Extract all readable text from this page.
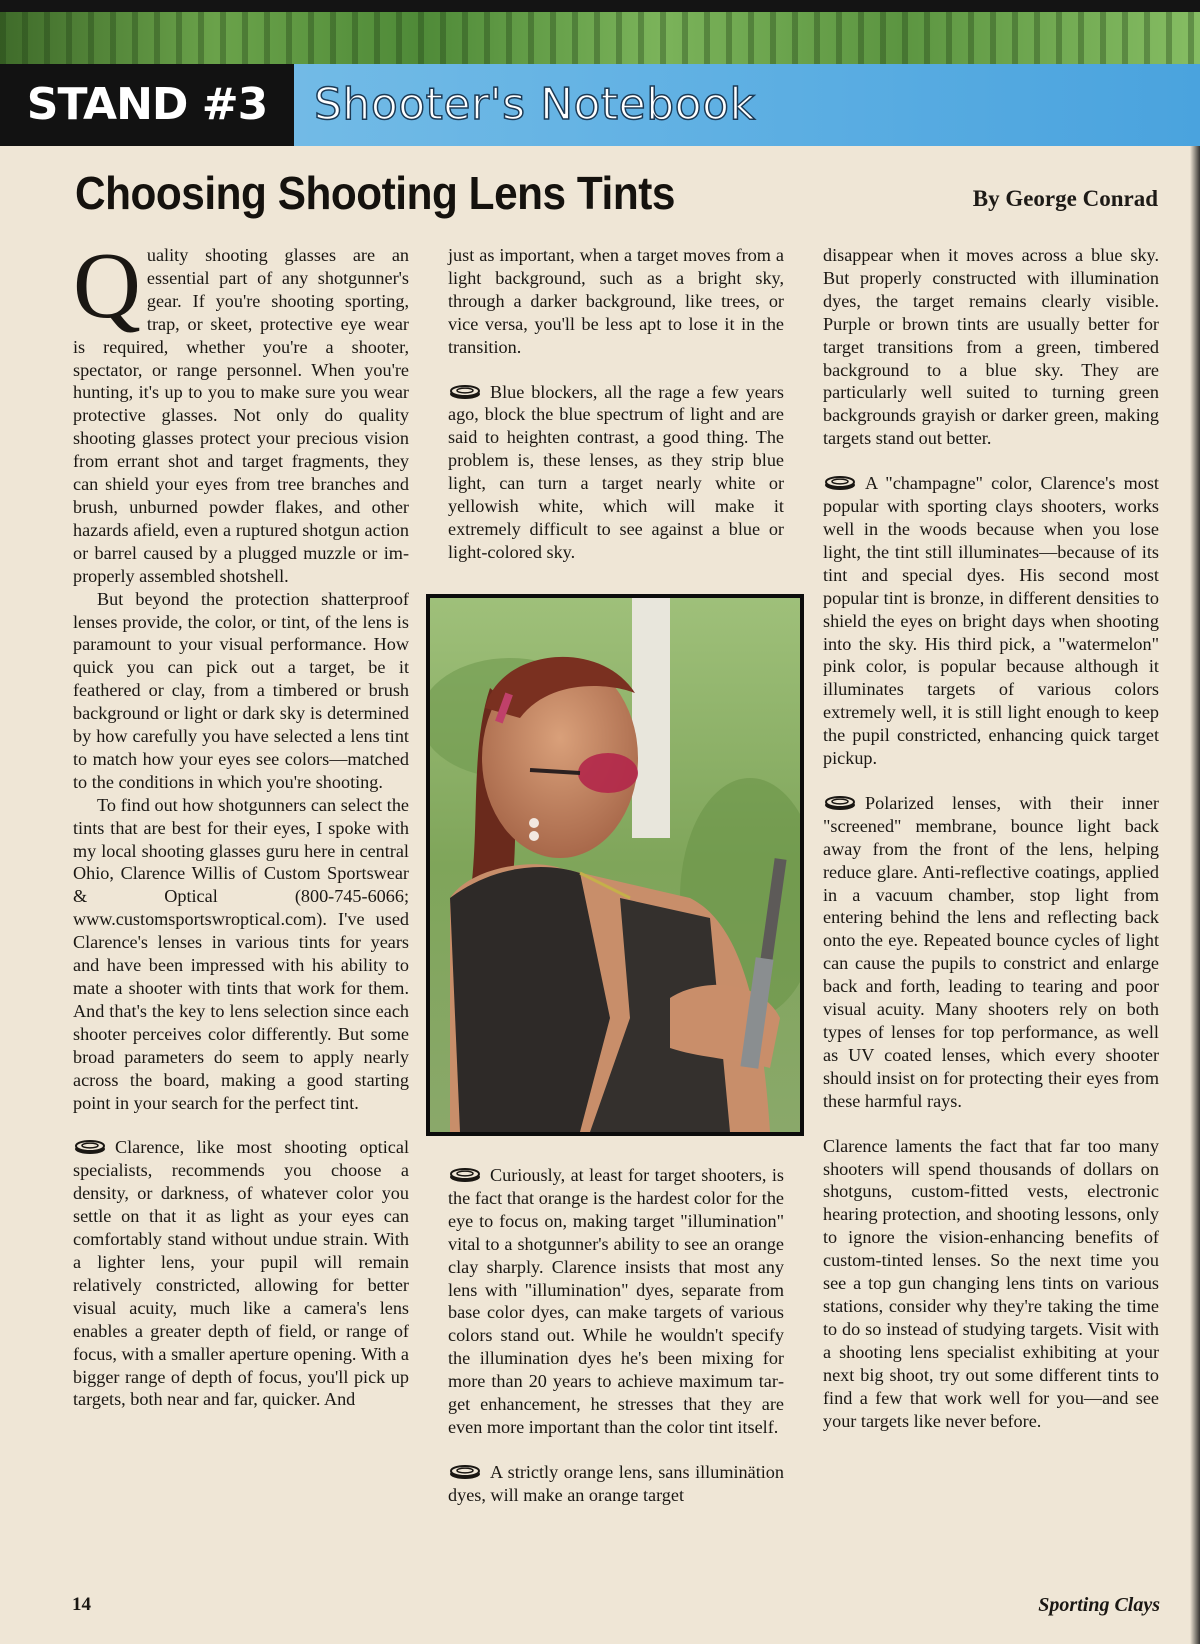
STAND #3	Shooter's Notebook
Choosing Shooting Lens Tints	By George Conrad

Quality shooting glasses are an essential part of any shotgunner's gear. If you're shooting sporting, trap, or skeet, protective eye wear is required, whether you're a shooter, spectator, or range personnel. When you're hunting, it's up to you to make sure you wear protective glasses. Not only do quality shooting glasses protect your precious vision from errant shot and target fragments, they can shield your eyes from tree branches and brush, unburned powder flakes, and other hazards afield, even a ruptured shotgun action or barrel caused by a plugged muzzle or improperly assembled shotshell.

But beyond the protection shatterproof lenses provide, the color, or tint, of the lens is paramount to your visual performance. How quick you can pick out a target, be it feathered or clay, from a timbered or brush background or light or dark sky is determined by how carefully you have selected a lens tint to match how your eyes see colors—matched to the conditions in which you're shooting.

To find out how shotgunners can select the tints that are best for their eyes, I spoke with my local shooting glasses guru here in central Ohio, Clarence Willis of Custom Sportswear & Optical (800-745-6066; www.customsportswroptical.com). I've used Clarence's lenses in various tints for years and have been impressed with his ability to mate a shooter with tints that work for them. And that's the key to lens selection since each shooter perceives color differently. But some broad parameters do seem to apply nearly across the board, making a good starting point in your search for the perfect tint.

Clarence, like most shooting optical specialists, recommends you choose a density, or darkness, of whatever color you settle on that it as light as your eyes can comfortably stand without undue strain. With a lighter lens, your pupil will remain relatively constricted, allowing for better visual acuity, much like a camera's lens enables a greater depth of field, or range of focus, with a smaller aperture opening. With a bigger range of depth of focus, you'll pick up targets, both near and far, quicker. And

just as important, when a target moves from a light background, such as a bright sky, through a darker background, like trees, or vice versa, you'll be less apt to lose it in the transition.

Blue blockers, all the rage a few years ago, block the blue spectrum of light and are said to heighten contrast, a good thing. The problem is, these lenses, as they strip blue light, can turn a target nearly white or yellowish white, which will make it extremely difficult to see against a blue or light-colored sky.

Curiously, at least for target shooters, is the fact that orange is the hardest color for the eye to focus on, making target "illumination" vital to a shotgunner's ability to see an orange clay sharply. Clarence insists that most any lens with "illumination" dyes, separate from base color dyes, can make targets of various colors stand out. While he wouldn't specify the illumination dyes he's been mixing for more than 20 years to achieve maximum target enhancement, he stresses that they are even more important than the color tint itself.

A strictly orange lens, sans illuminätion dyes, will make an orange target

disappear when it moves across a blue sky. But properly constructed with illumination dyes, the target remains clearly visible. Purple or brown tints are usually better for target transitions from a green, timbered background to a blue sky. They are particularly well suited to turning green backgrounds grayish or darker green, making targets stand out better.

A "champagne" color, Clarence's most popular with sporting clays shooters, works well in the woods because when you lose light, the tint still illuminates—because of its tint and special dyes. His second most popular tint is bronze, in different densities to shield the eyes on bright days when shooting into the sky. His third pick, a "watermelon" pink color, is popular because although it illuminates targets of various colors extremely well, it is still light enough to keep the pupil constricted, enhancing quick target pickup.

Polarized lenses, with their inner "screened" membrane, bounce light back away from the front of the lens, helping reduce glare. Anti-reflective coatings, applied in a vacuum chamber, stop light from entering behind the lens and reflecting back onto the eye. Repeated bounce cycles of light can cause the pupils to constrict and enlarge back and forth, leading to tearing and poor visual acuity. Many shooters rely on both types of lenses for top performance, as well as UV coated lenses, which every shooter should insist on for protecting their eyes from these harmful rays.

Clarence laments the fact that far too many shooters will spend thousands of dollars on shotguns, custom-fitted vests, electronic hearing protection, and shooting lessons, only to ignore the vision-enhancing benefits of custom-tinted lenses. So the next time you see a top gun changing lens tints on various stations, consider why they're taking the time to do so instead of studying targets. Visit with a shooting lens specialist exhibiting at your next big shoot, try out some different tints to find a few that work well for you—and see your targets like never before.

14	Sporting Clays
